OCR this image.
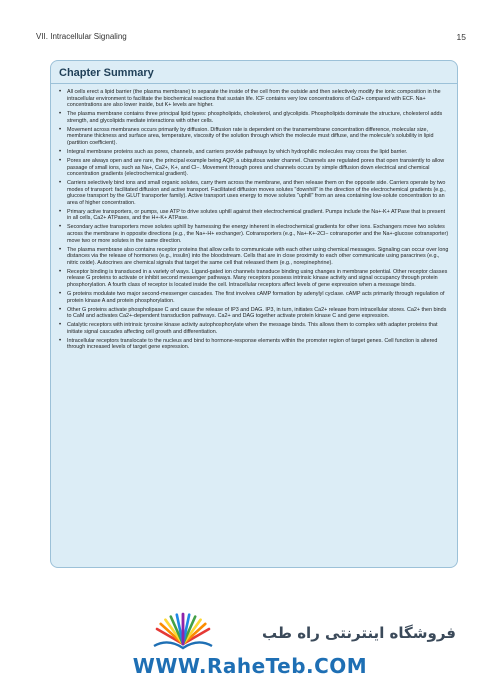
VII. Intracellular Signaling	15
Chapter Summary
• All cells erect a lipid barrier (the plasma membrane) to separate the inside of the cell from the outside and then selectively modify the ionic composition in the intracellular environment to facilitate the biochemical reactions that sustain life. ICF contains very low concentrations of Ca2+ compared with ECF. Na+ concentrations are also lower inside, but K+ levels are higher.
• The plasma membrane contains three principal lipid types: phospholipids, cholesterol, and glycolipids. Phospholipids dominate the structure, cholesterol adds strength, and glycolipids mediate interactions with other cells.
• Movement across membranes occurs primarily by diffusion. Diffusion rate is dependent on the transmembrane concentration difference, molecular size, membrane thickness and surface area, temperature, viscosity of the solution through which the molecule must diffuse, and the molecule's solubility in lipid (partition coefficient).
• Integral membrane proteins such as pores, channels, and carriers provide pathways by which hydrophilic molecules may cross the lipid barrier.
• Pores are always open and are rare, the principal example being AQP, a ubiquitous water channel. Channels are regulated pores that open transiently to allow passage of small ions, such as Na+, Ca2+, K+, and Cl−. Movement through pores and channels occurs by simple diffusion down electrical and chemical concentration gradients (electrochemical gradient).
• Carriers selectively bind ions and small organic solutes, carry them across the membrane, and then release them on the opposite side. Carriers operate by two modes of transport: facilitated diffusion and active transport. Facilitated diffusion moves solutes "downhill" in the direction of the electrochemical gradients (e.g., glucose transport by the GLUT transporter family). Active transport uses energy to move solutes "uphill" from an area containing low-solute concentration to an area of higher concentration.
• Primary active transporters, or pumps, use ATP to drive solutes uphill against their electrochemical gradient. Pumps include the Na+-K+ ATPase that is present in all cells, Ca2+ ATPases, and the H+-K+ ATPase.
• Secondary active transporters move solutes uphill by harnessing the energy inherent in electrochemical gradients for other ions. Exchangers move two solutes across the membrane in opposite directions (e.g., the Na+-H+ exchanger). Cotransporters (e.g., Na+-K+-2Cl− cotransporter and the Na+-glucose cotransporter) move two or more solutes in the same direction.
• The plasma membrane also contains receptor proteins that allow cells to communicate with each other using chemical messages. Signaling can occur over long distances via the release of hormones (e.g., insulin) into the bloodstream. Cells that are in close proximity to each other communicate using paracrines (e.g., nitric oxide). Autocrines are chemical signals that target the same cell that released them (e.g., norepinephrine).
• Receptor binding is transduced in a variety of ways. Ligand-gated ion channels transduce binding using changes in membrane potential. Other receptor classes release G proteins to activate or inhibit second messenger pathways. Many receptors possess intrinsic kinase activity and signal occupancy through protein phosphorylation. A fourth class of receptor is located inside the cell. Intracellular receptors affect levels of gene expression when a message binds.
• G proteins modulate two major second-messenger cascades. The first involves cAMP formation by adenylyl cyclase. cAMP acts primarily through regulation of protein kinase A and protein phosphorylation.
• Other G proteins activate phospholipase C and cause the release of IP3 and DAG. IP3, in turn, initiates Ca2+ release from intracellular stores. Ca2+ then binds to CaM and activates Ca2+-dependent transduction pathways. Ca2+ and DAG together activate protein kinase C and gene expression.
• Catalytic receptors with intrinsic tyrosine kinase activity autophosphorylate when the message binds. This allows them to complex with adapter proteins that initiate signal cascades affecting cell growth and differentiation.
• Intracellular receptors translocate to the nucleus and bind to hormone-response elements within the promoter region of target genes. Cell function is altered through increased levels of target gene expression.
فروشگاه اینترنتی راه طب
WWW.RaheTeb.COM
